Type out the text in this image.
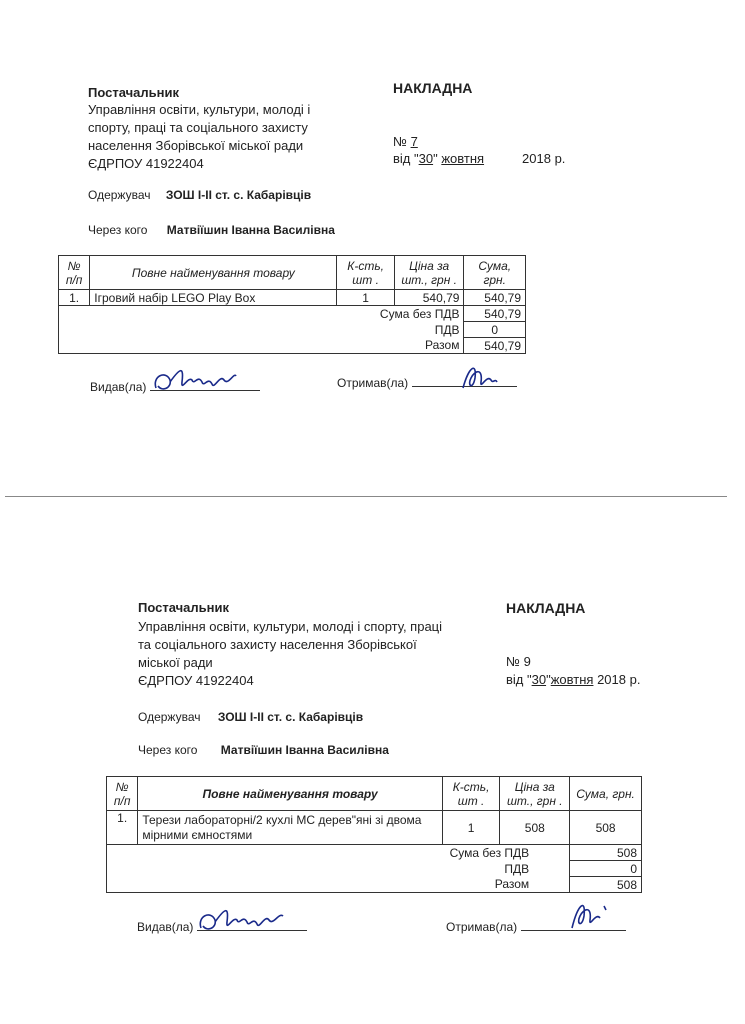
Постачальник
Управління освіти, культури, молоді і
спорту, праці та соціального захисту
населення Зборівської міської ради
ЄДРПОУ 41922404
НАКЛАДНА
№ 7
від "30" жовтня	2018 р.
Одержувач ЗОШ І-ІІ ст. с. Кабарівців
Через кого Матвіїшин Іванна Василівна
№ п/п	Повне найменування товару	К-сть, шт .	Ціна за шт., грн .	Сума, грн.
1.	Ігровий набір LEGO Play Box	1	540,79	540,79
Сума без ПДВ				540,79
ПДВ				0
Разом				540,79
Видав(ла)	Отримав(ла)
Постачальник
Управління освіти, культури, молоді і спорту, праці
та соціального захисту населення Зборівської
міської ради
ЄДРПОУ 41922404
НАКЛАДНА
№ 9
від "30"жовтня 2018 р.
Одержувач ЗОШ І-ІІ ст. с. Кабарівців
Через кого Матвіїшин Іванна Василівна
№ п/п	Повне найменування товару	К-сть, шт .	Ціна за шт., грн .	Сума, грн.
1.	Терези лабораторні/2 кухлі МС дерев"яні зі двома мірними ємностями	1	508	508
Сума без ПДВ				508
ПДВ				0
Разом				508
Видав(ла)	Отримав(ла)
